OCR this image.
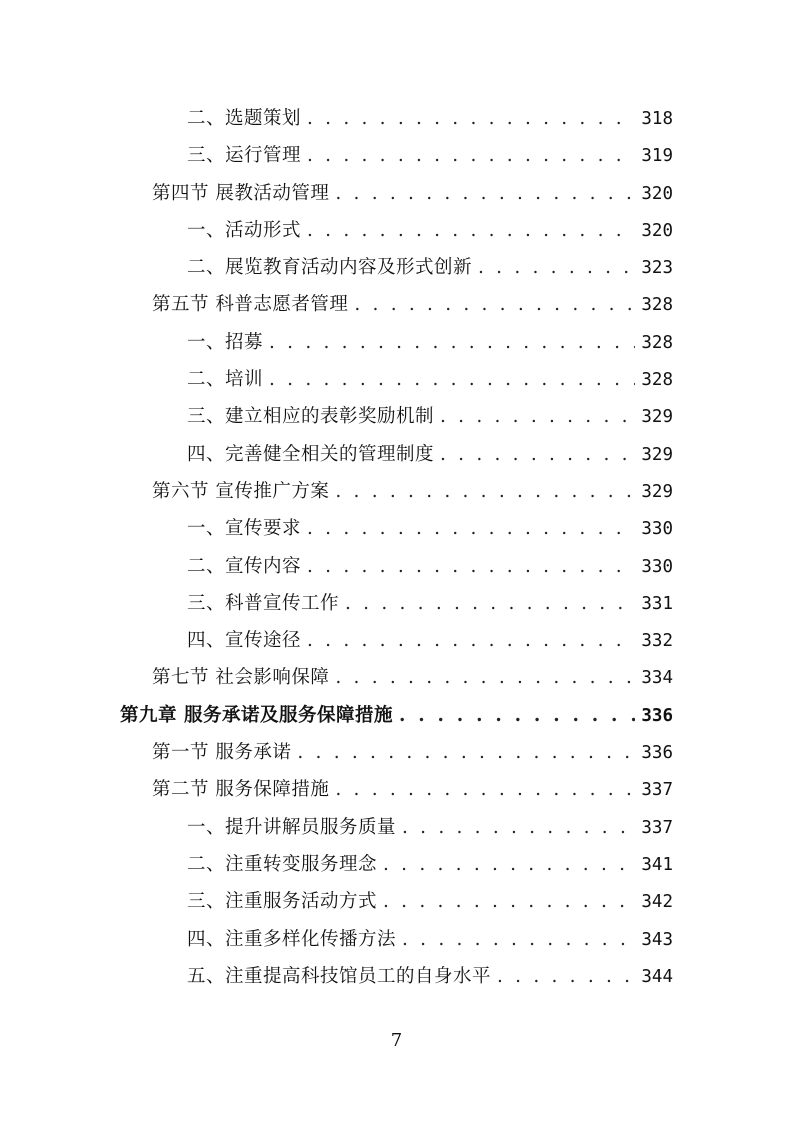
二、选题策划 . . .	318
三、运行管理 . . .	319
第四节 展教活动管理 . . .	320
一、活动形式 . . .	320
二、展览教育活动内容及形式创新 . . .	323
第五节 科普志愿者管理 . . .	328
一、招募 . . .	328
二、培训 . . .	328
三、建立相应的表彰奖励机制 . . .	329
四、完善健全相关的管理制度 . . .	329
第六节 宣传推广方案 . . .	329
一、宣传要求 . . .	330
二、宣传内容 . . .	330
三、科普宣传工作 . . .	331
四、宣传途径 . . .	332
第七节 社会影响保障 . . .	334
第九章 服务承诺及服务保障措施 . . .	336
第一节 服务承诺 . . .	336
第二节 服务保障措施 . . .	337
一、提升讲解员服务质量 . . .	337
二、注重转变服务理念 . . .	341
三、注重服务活动方式 . . .	342
四、注重多样化传播方法 . . .	343
五、注重提高科技馆员工的自身水平 . . .	344
7
